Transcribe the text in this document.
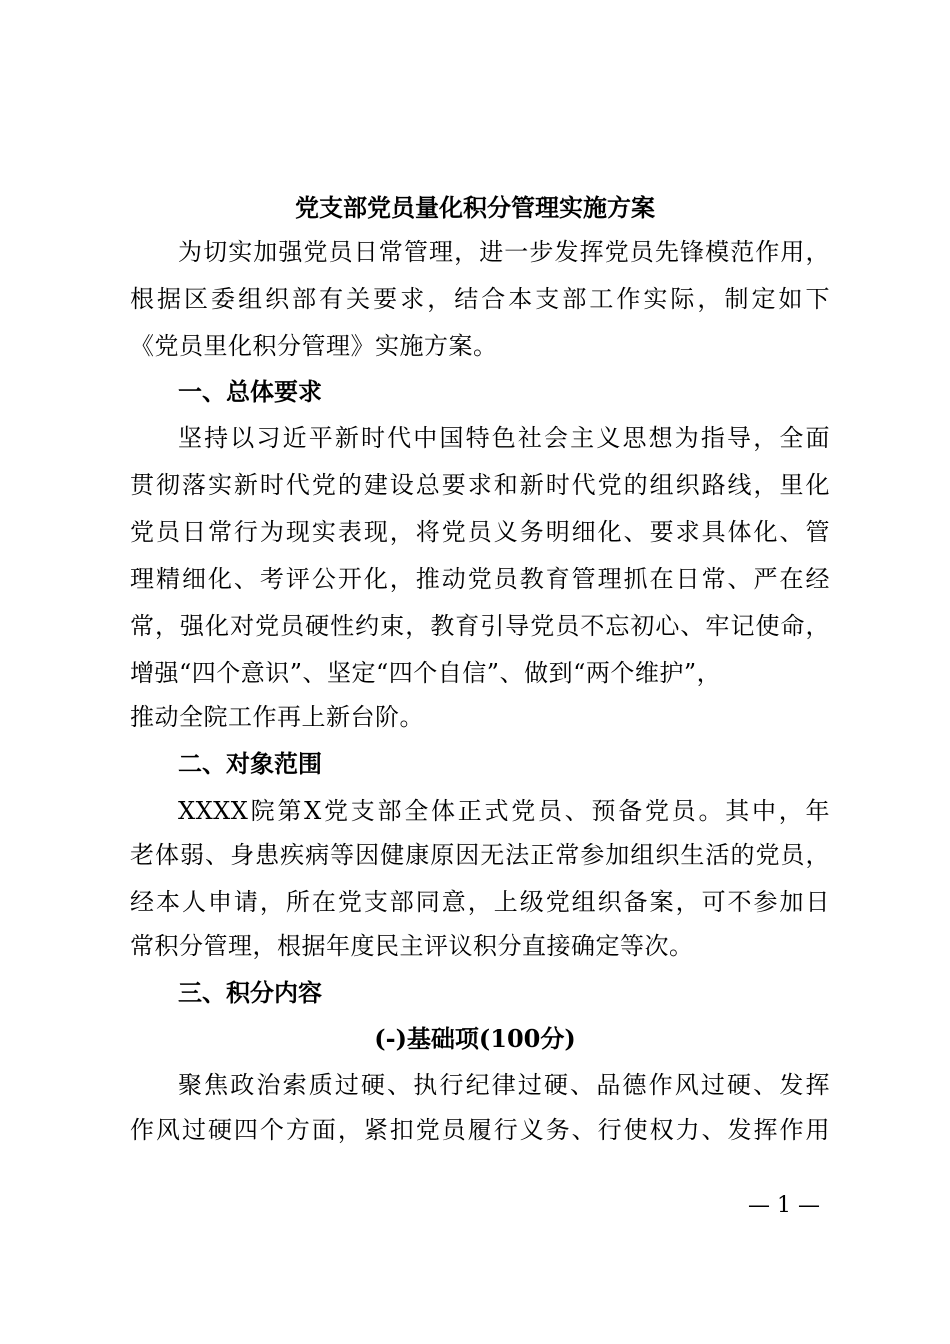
党支部党员量化积分管理实施方案
为切实加强党员日常管理，进一步发挥党员先锋模范作用，
根据区委组织部有关要求，结合本支部工作实际，制定如下
《党员里化积分管理》实施方案。
一、总体要求
坚持以习近平新时代中国特色社会主义思想为指导，全面
贯彻落实新时代党的建设总要求和新时代党的组织路线，里化
党员日常行为现实表现，将党员义务明细化、要求具体化、管
理精细化、考评公开化，推动党员教育管理抓在日常、严在经
常，强化对党员硬性约束，教育引导党员不忘初心、牢记使命，
增强“四个意识”、坚定“四个自信”、做到“两个维护”，
推动全院工作再上新台阶。
二、对象范围
XXXX院第X党支部全体正式党员、预备党员。其中，年
老体弱、身患疾病等因健康原因无法正常参加组织生活的党员，
经本人申请，所在党支部同意，上级党组织备案，可不参加日
常积分管理，根据年度民主评议积分直接确定等次。
三、积分内容
(-)基础项(100分)
聚焦政治索质过硬、执行纪律过硬、品德作风过硬、发挥
作风过硬四个方面，紧扣党员履行义务、行使权力、发挥作用
— 1 —
